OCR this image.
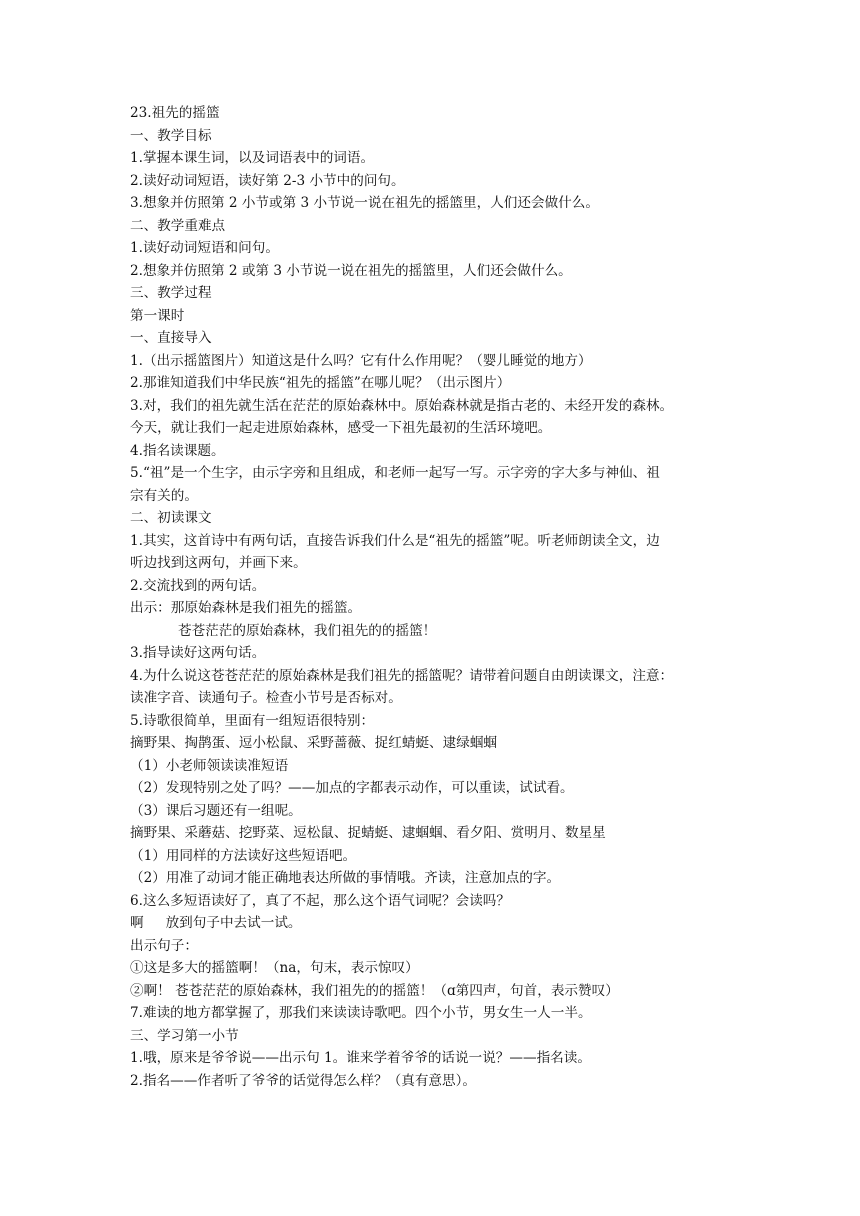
23.祖先的摇篮
一、教学目标
1.掌握本课生词，以及词语表中的词语。
2.读好动词短语，读好第 2-3 小节中的问句。
3.想象并仿照第 2 小节或第 3 小节说一说在祖先的摇篮里，人们还会做什么。
二、教学重难点
1.读好动词短语和问句。
2.想象并仿照第 2 或第 3 小节说一说在祖先的摇篮里，人们还会做什么。
三、教学过程
第一课时
一、直接导入
1.（出示摇篮图片）知道这是什么吗？它有什么作用呢？（婴儿睡觉的地方）
2.那谁知道我们中华民族“祖先的摇篮”在哪儿呢？（出示图片）
3.对，我们的祖先就生活在茫茫的原始森林中。原始森林就是指古老的、未经开发的森林。
今天，就让我们一起走进原始森林，感受一下祖先最初的生活环境吧。
4.指名读课题。
5.“祖”是一个生字，由示字旁和且组成，和老师一起写一写。示字旁的字大多与神仙、祖
宗有关的。
二、初读课文
1.其实，这首诗中有两句话，直接告诉我们什么是“祖先的摇篮”呢。听老师朗读全文，边
听边找到这两句，并画下来。
2.交流找到的两句话。
出示：那原始森林是我们祖先的摇篮。
苍苍茫茫的原始森林，我们祖先的的摇篮！
3.指导读好这两句话。
4.为什么说这苍苍茫茫的原始森林是我们祖先的摇篮呢？请带着问题自由朗读课文，注意：
读准字音、读通句子。检查小节号是否标对。
5.诗歌很简单，里面有一组短语很特别：
摘野果、掏鹊蛋、逗小松鼠、采野蔷薇、捉红蜻蜓、逮绿蝈蝈
（1）小老师领读读准短语
（2）发现特别之处了吗？——加点的字都表示动作，可以重读，试试看。
（3）课后习题还有一组呢。
摘野果、采蘑菇、挖野菜、逗松鼠、捉蜻蜓、逮蝈蝈、看夕阳、赏明月、数星星
（1）用同样的方法读好这些短语吧。
（2）用准了动词才能正确地表达所做的事情哦。齐读，注意加点的字。
6.这么多短语读好了，真了不起，那么这个语气词呢？会读吗？
啊 放到句子中去试一试。
出示句子：
①这是多大的摇篮啊！（na，句末，表示惊叹）
②啊！ 苍苍茫茫的原始森林，我们祖先的的摇篮！（ɑ第四声，句首，表示赞叹）
7.难读的地方都掌握了，那我们来读读诗歌吧。四个小节，男女生一人一半。
三、学习第一小节
1.哦，原来是爷爷说——出示句 1。谁来学着爷爷的话说一说？——指名读。
2.指名——作者听了爷爷的话觉得怎么样？（真有意思）。
